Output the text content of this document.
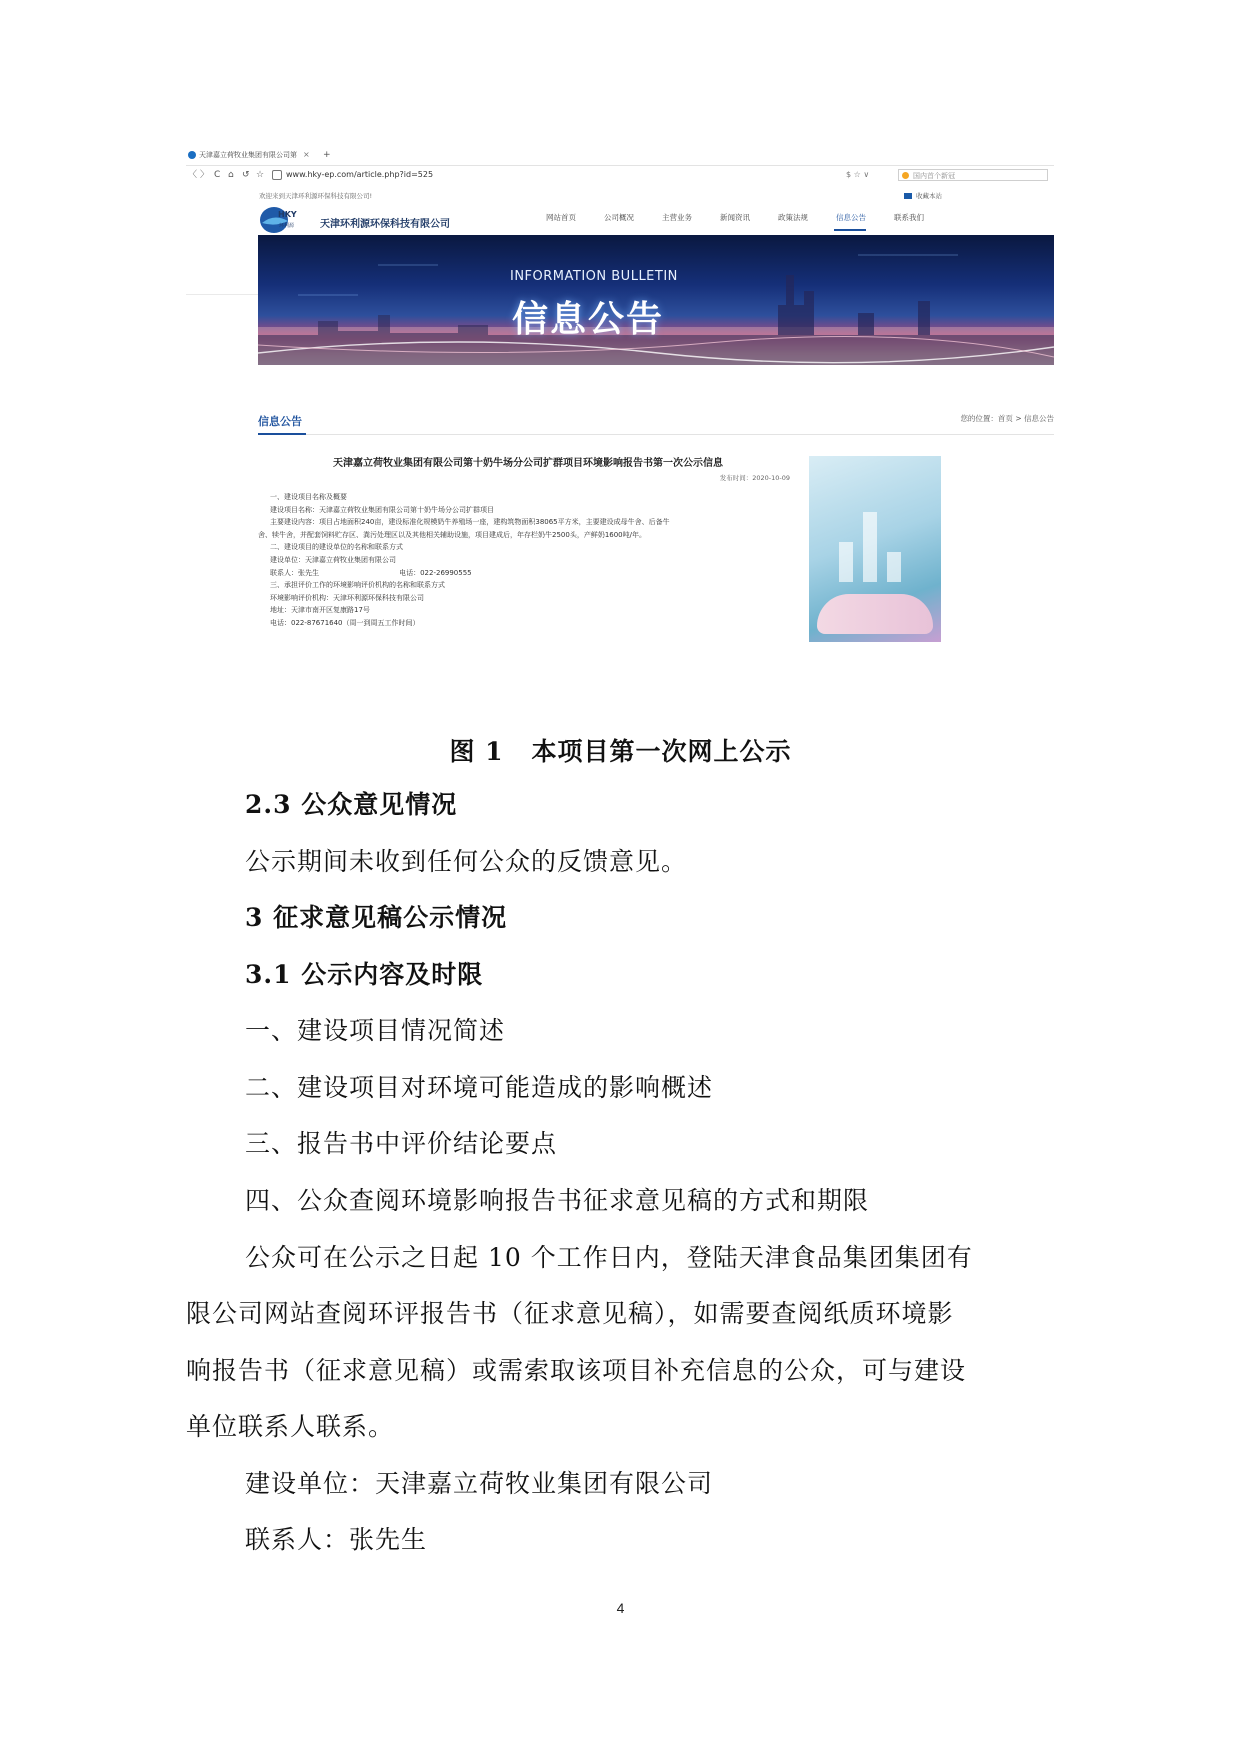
天津嘉立荷牧业集团有限公司第 × +
〈 〉 C ⌂ ↺ ☆	www.hky-ep.com/article.php?id=525	$ ☆ ∨	国内首个新冠
欢迎来到天津环利源环保科技有限公司!	收藏本站
HKY
环利源	天津环利源环保科技有限公司
网站首页	公司概况	主营业务	新闻资讯	政策法规	信息公告	联系我们
INFORMATION BULLETIN
信息公告
信息公告	您的位置：首页 > 信息公告
天津嘉立荷牧业集团有限公司第十奶牛场分公司扩群项目环境影响报告书第一次公示信息
发布时间：2020-10-09
一、建设项目名称及概要
建设项目名称：天津嘉立荷牧业集团有限公司第十奶牛场分公司扩群项目
主要建设内容：项目占地面积240亩，建设标准化规模奶牛养殖场一座，建构筑物面积38065平方米，主要建设成母牛舍、后备牛
舍、犊牛舍，并配套饲料贮存区、粪污处理区以及其他相关辅助设施，项目建成后，年存栏奶牛2500头，产鲜奶1600吨/年。
二、建设项目的建设单位的名称和联系方式
建设单位：天津嘉立荷牧业集团有限公司
联系人：张先生                                    电话：022-26990555
三、承担评价工作的环境影响评价机构的名称和联系方式
环境影响评价机构：天津环利源环保科技有限公司
地址：天津市南开区复康路17号
电话：022-87671640（周一到周五工作时间）
图 1 本项目第一次网上公示
2.3 公众意见情况
公示期间未收到任何公众的反馈意见。
3 征求意见稿公示情况
3.1 公示内容及时限
一、建设项目情况简述
二、建设项目对环境可能造成的影响概述
三、报告书中评价结论要点
四、公众查阅环境影响报告书征求意见稿的方式和期限
公众可在公示之日起 10 个工作日内，登陆天津食品集团集团有
限公司网站查阅环评报告书（征求意见稿），如需要查阅纸质环境影
响报告书（征求意见稿）或需索取该项目补充信息的公众，可与建设
单位联系人联系。
建设单位：天津嘉立荷牧业集团有限公司
联系人：张先生
4
